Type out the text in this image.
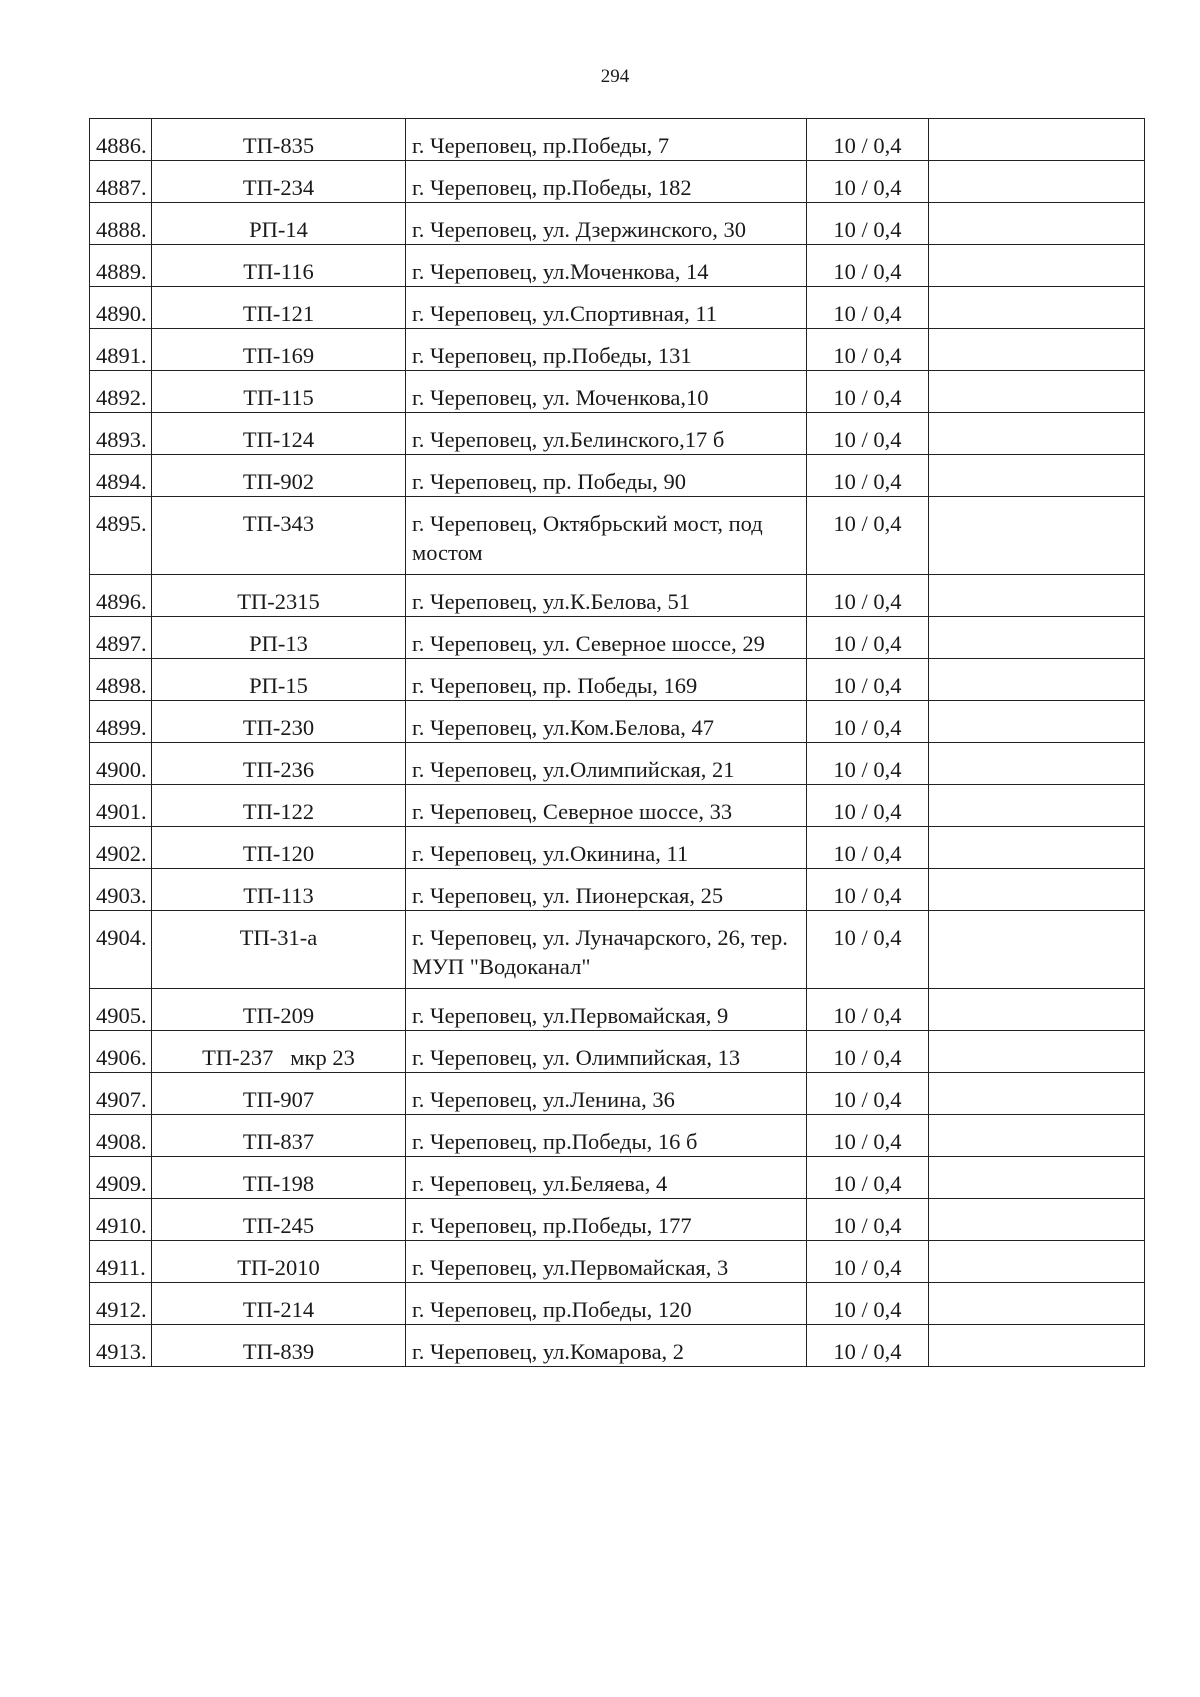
294
4886.	ТП-835	г. Череповец, пр.Победы, 7	10 / 0,4	
4887.	ТП-234	г. Череповец, пр.Победы, 182	10 / 0,4	
4888.	РП-14	г. Череповец, ул. Дзержинского, 30	10 / 0,4	
4889.	ТП-116	г. Череповец, ул.Моченкова, 14	10 / 0,4	
4890.	ТП-121	г. Череповец, ул.Спортивная, 11	10 / 0,4	
4891.	ТП-169	г. Череповец, пр.Победы, 131	10 / 0,4	
4892.	ТП-115	г. Череповец, ул. Моченкова,10	10 / 0,4	
4893.	ТП-124	г. Череповец, ул.Белинского,17 б	10 / 0,4	
4894.	ТП-902	г. Череповец, пр. Победы, 90	10 / 0,4	
4895.	ТП-343	г. Череповец, Октябрьский мост, под мостом	10 / 0,4	
4896.	ТП-2315	г. Череповец, ул.К.Белова, 51	10 / 0,4	
4897.	РП-13	г. Череповец, ул. Северное шоссе, 29	10 / 0,4	
4898.	РП-15	г. Череповец, пр. Победы, 169	10 / 0,4	
4899.	ТП-230	г. Череповец, ул.Ком.Белова, 47	10 / 0,4	
4900.	ТП-236	г. Череповец, ул.Олимпийская, 21	10 / 0,4	
4901.	ТП-122	г. Череповец, Северное шоссе, 33	10 / 0,4	
4902.	ТП-120	г. Череповец, ул.Окинина, 11	10 / 0,4	
4903.	ТП-113	г. Череповец, ул. Пионерская, 25	10 / 0,4	
4904.	ТП-31-а	г. Череповец, ул. Луначарского, 26, тер. МУП "Водоканал"	10 / 0,4	
4905.	ТП-209	г. Череповец, ул.Первомайская, 9	10 / 0,4	
4906.	ТП-237   мкр 23	г. Череповец, ул. Олимпийская, 13	10 / 0,4	
4907.	ТП-907	г. Череповец, ул.Ленина, 36	10 / 0,4	
4908.	ТП-837	г. Череповец, пр.Победы, 16 б	10 / 0,4	
4909.	ТП-198	г. Череповец, ул.Беляева, 4	10 / 0,4	
4910.	ТП-245	г. Череповец, пр.Победы, 177	10 / 0,4	
4911.	ТП-2010	г. Череповец, ул.Первомайская, 3	10 / 0,4	
4912.	ТП-214	г. Череповец, пр.Победы, 120	10 / 0,4	
4913.	ТП-839	г. Череповец, ул.Комарова, 2	10 / 0,4	
